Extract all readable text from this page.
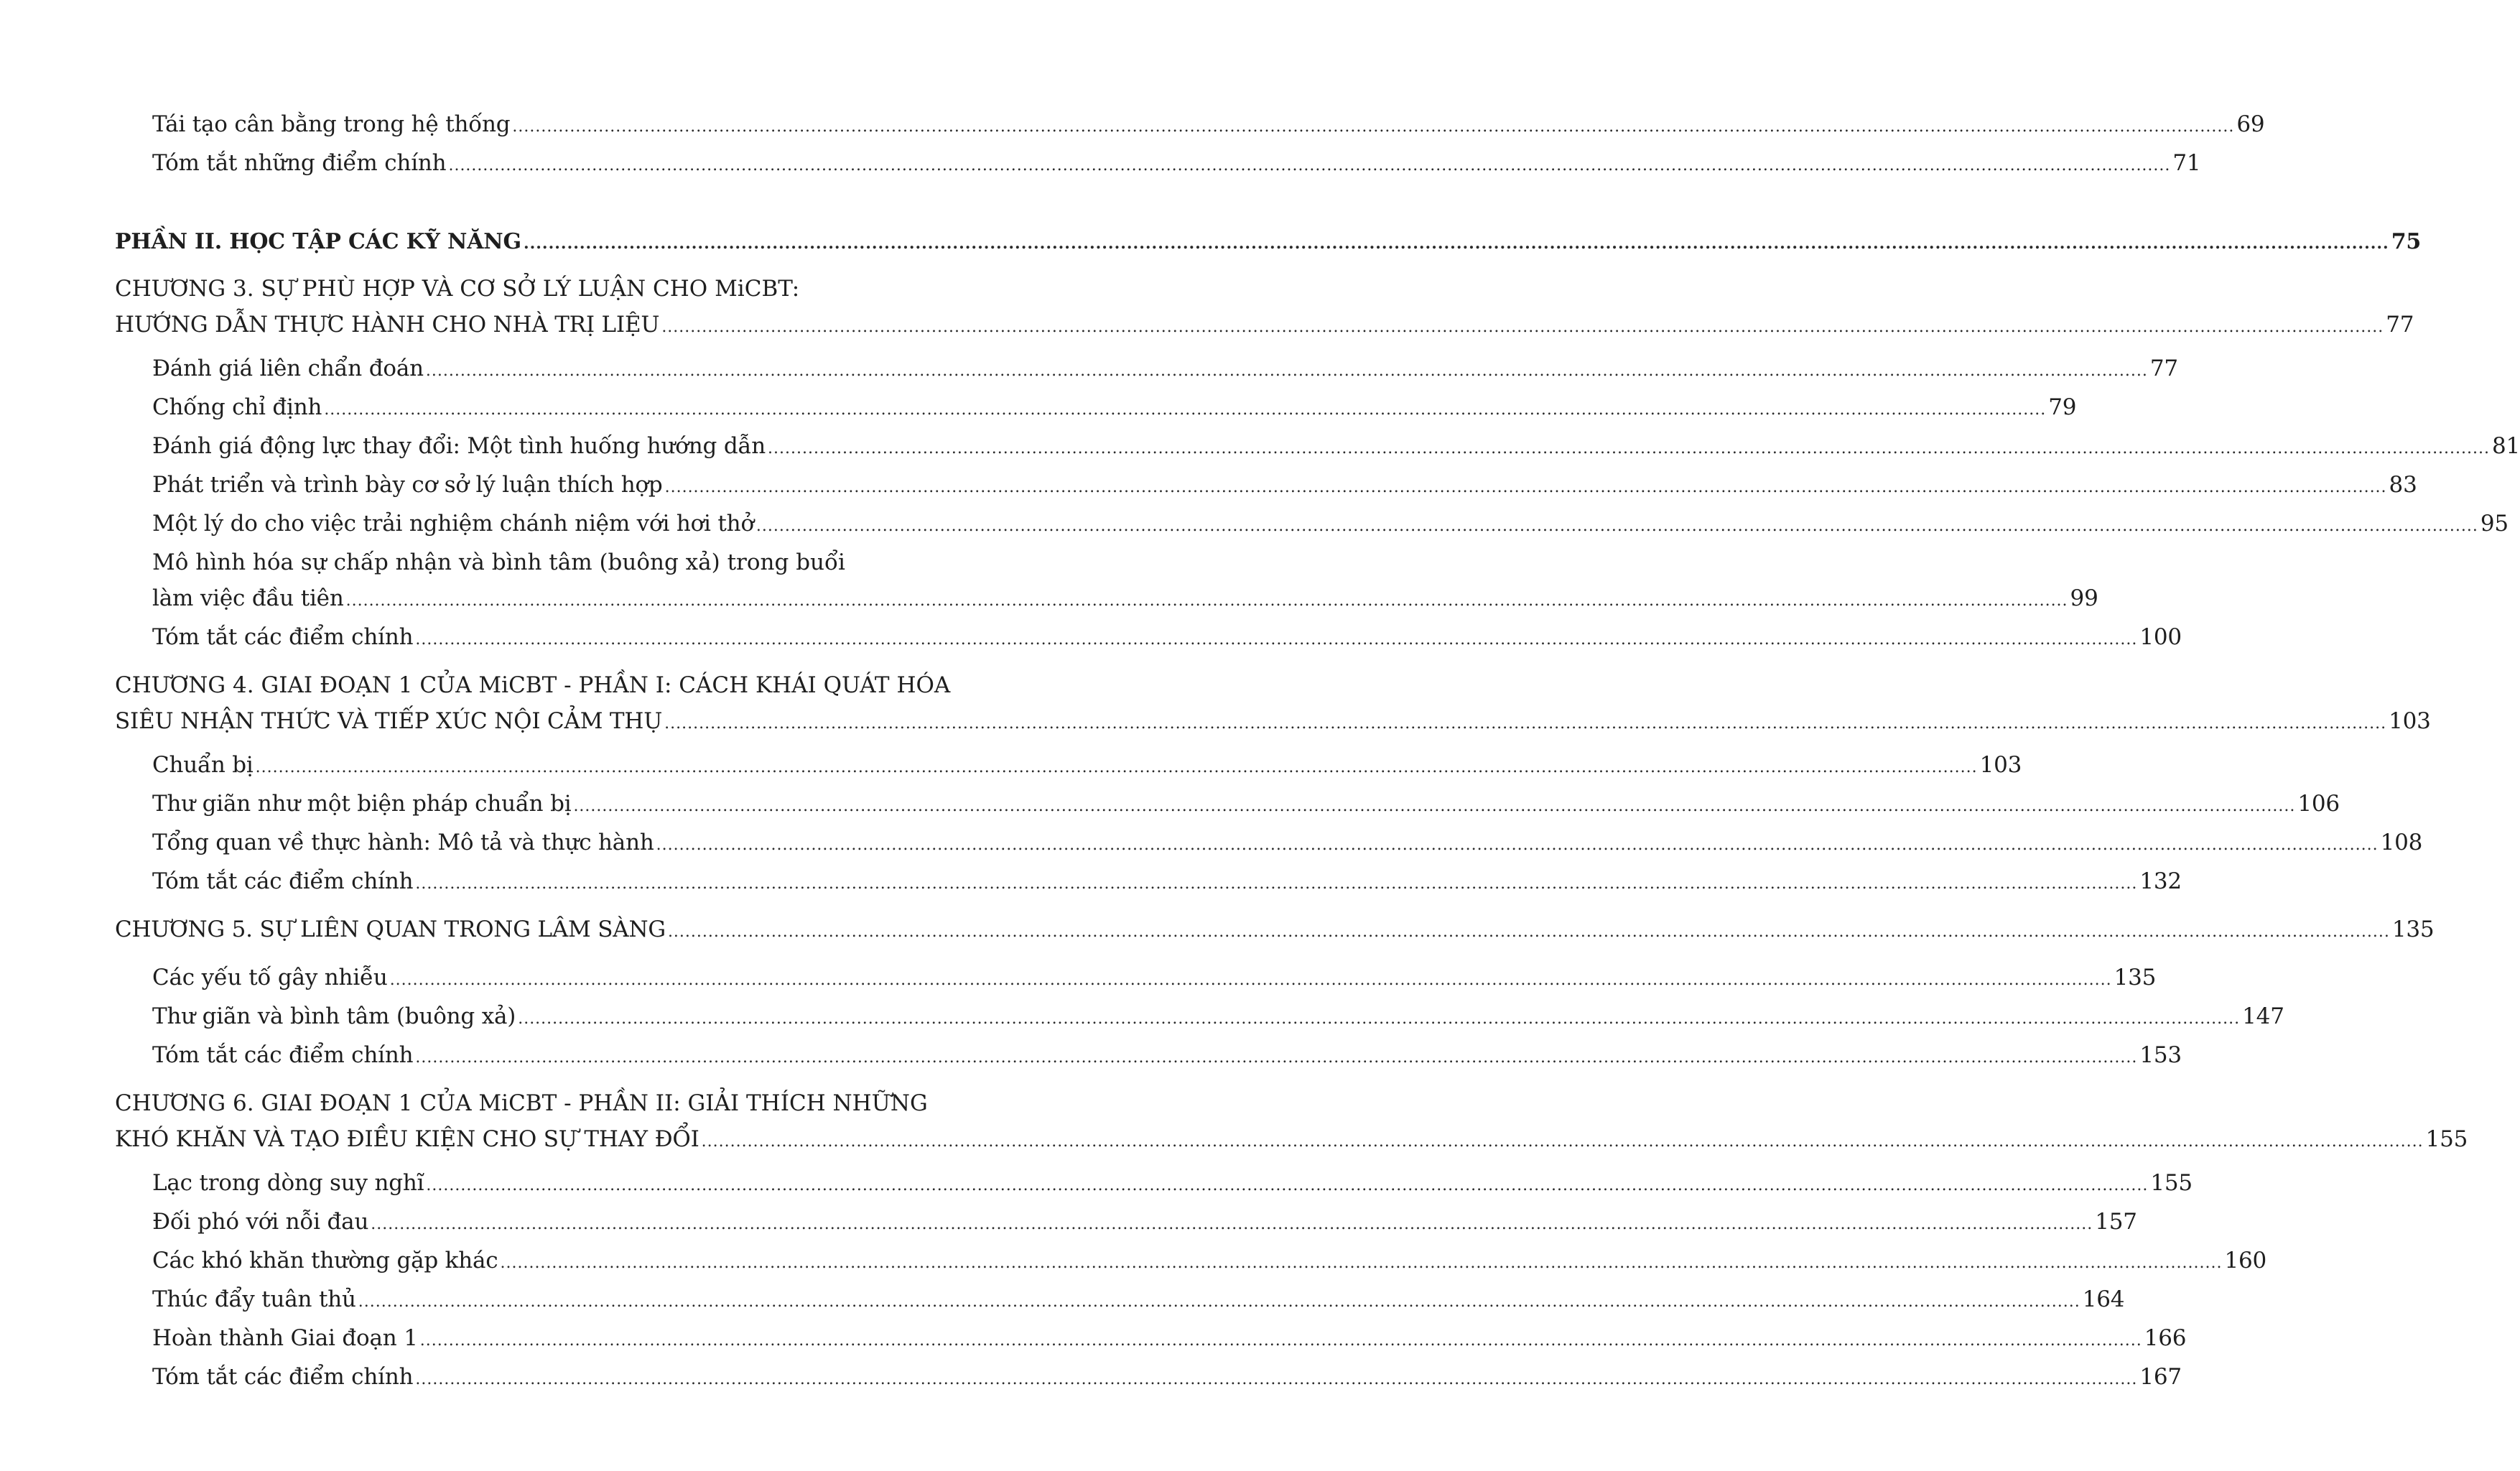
Tái tạo cân bằng trong hệ thống ............................................................................................................................................................................................................................................................................................................ 69
Tóm tắt những điểm chính ............................................................................................................................................................................................................................................................................................................ 71
PHẦN II. HỌC TẬP CÁC KỸ NĂNG ............................................................................................................................................................................................................................................................................................................ 75
CHƯƠNG 3. SỰ PHÙ HỢP VÀ CƠ SỞ LÝ LUẬN CHO MiCBT:
HƯỚNG DẪN THỰC HÀNH CHO NHÀ TRỊ LIỆU ............................................................................................................................................................................................................................................................................................................ 77
Đánh giá liên chẩn đoán ............................................................................................................................................................................................................................................................................................................ 77
Chống chỉ định ............................................................................................................................................................................................................................................................................................................ 79
Đánh giá động lực thay đổi: Một tình huống hướng dẫn ............................................................................................................................................................................................................................................................................................................ 81
Phát triển và trình bày cơ sở lý luận thích hợp ............................................................................................................................................................................................................................................................................................................ 83
Một lý do cho việc trải nghiệm chánh niệm với hơi thở ............................................................................................................................................................................................................................................................................................................ 95
Mô hình hóa sự chấp nhận và bình tâm (buông xả) trong buổi
làm việc đầu tiên ............................................................................................................................................................................................................................................................................................................ 99
Tóm tắt các điểm chính ............................................................................................................................................................................................................................................................................................................ 100
CHƯƠNG 4. GIAI ĐOẠN 1 CỦA MiCBT - PHẦN I: CÁCH KHÁI QUÁT HÓA
SIÊU NHẬN THỨC VÀ TIẾP XÚC NỘI CẢM THỤ ............................................................................................................................................................................................................................................................................................................ 103
Chuẩn bị ............................................................................................................................................................................................................................................................................................................ 103
Thư giãn như một biện pháp chuẩn bị ............................................................................................................................................................................................................................................................................................................ 106
Tổng quan về thực hành: Mô tả và thực hành ............................................................................................................................................................................................................................................................................................................ 108
Tóm tắt các điểm chính ............................................................................................................................................................................................................................................................................................................ 132
CHƯƠNG 5. SỰ LIÊN QUAN TRONG LÂM SÀNG ............................................................................................................................................................................................................................................................................................................ 135
Các yếu tố gây nhiễu ............................................................................................................................................................................................................................................................................................................ 135
Thư giãn và bình tâm (buông xả) ............................................................................................................................................................................................................................................................................................................ 147
Tóm tắt các điểm chính ............................................................................................................................................................................................................................................................................................................ 153
CHƯƠNG 6. GIAI ĐOẠN 1 CỦA MiCBT - PHẦN II: GIẢI THÍCH NHỮNG
KHÓ KHĂN VÀ TẠO ĐIỀU KIỆN CHO SỰ THAY ĐỔI ............................................................................................................................................................................................................................................................................................................ 155
Lạc trong dòng suy nghĩ ............................................................................................................................................................................................................................................................................................................ 155
Đối phó với nỗi đau ............................................................................................................................................................................................................................................................................................................ 157
Các khó khăn thường gặp khác ............................................................................................................................................................................................................................................................................................................ 160
Thúc đẩy tuân thủ ............................................................................................................................................................................................................................................................................................................ 164
Hoàn thành Giai đoạn 1 ............................................................................................................................................................................................................................................................................................................ 166
Tóm tắt các điểm chính ............................................................................................................................................................................................................................................................................................................ 167
